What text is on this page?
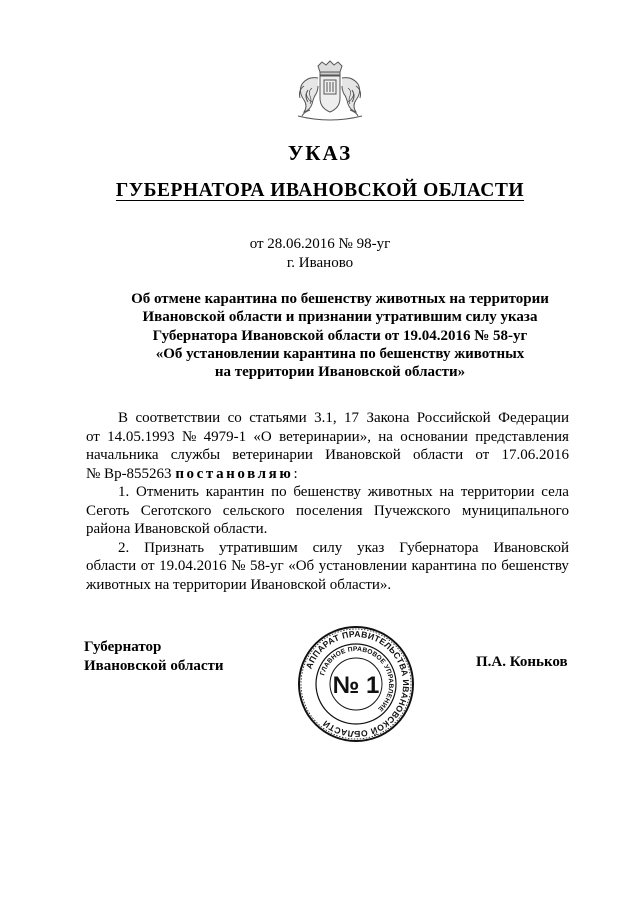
УКАЗ
ГУБЕРНАТОРА ИВАНОВСКОЙ ОБЛАСТИ
от 28.06.2016 № 98-уг
г. Иваново
Об отмене карантина по бешенству животных на территории
Ивановской области и признании утратившим силу указа
Губернатора Ивановской области от 19.04.2016 № 58-уг
«Об установлении карантина по бешенству животных
на территории Ивановской области»
В соответствии со статьями 3.1, 17 Закона Российской Федерации
от 14.05.1993 № 4979-1 «О ветеринарии», на основании представления
начальника службы ветеринарии Ивановской области от 17.06.2016
№ Вр-855263 постановляю :
1. Отменить карантин по бешенству животных на территории села
Сеготь Сеготского сельского поселения Пучежского муниципального
района Ивановской области.
2. Признать утратившим силу указ Губернатора Ивановской
области от 19.04.2016 № 58-уг «Об установлении карантина по бешенству
животных на территории Ивановской области».
Губернатор
Ивановской области	П.А. Коньков
АППАРАТ ПРАВИТЕЛЬСТВА ИВАНОВСКОЙ ОБЛАСТИ
ГЛАВНОЕ ПРАВОВОЕ УПРАВЛЕНИЕ
№ 1
